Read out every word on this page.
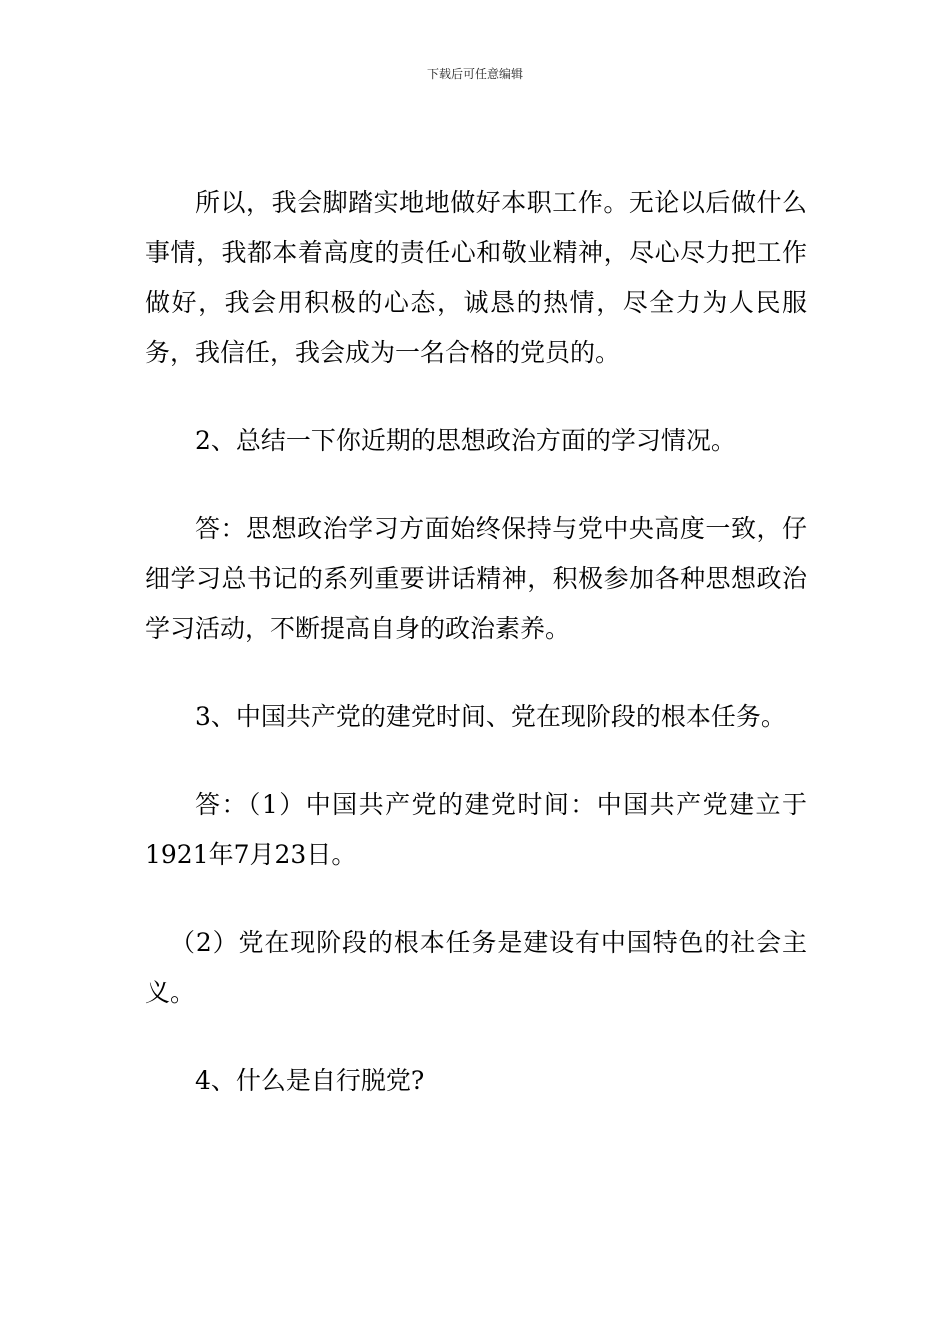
下载后可任意编辑

所以，我会脚踏实地地做好本职工作。无论以后做什么事情，我都本着高度的责任心和敬业精神，尽心尽力把工作做好，我会用积极的心态，诚恳的热情，尽全力为人民服务，我信任，我会成为一名合格的党员的。

2、总结一下你近期的思想政治方面的学习情况。

答：思想政治学习方面始终保持与党中央高度一致，仔细学习总书记的系列重要讲话精神，积极参加各种思想政治学习活动，不断提高自身的政治素养。

3、中国共产党的建党时间、党在现阶段的根本任务。

答：（1）中国共产党的建党时间：中国共产党建立于1921年7月23日。

（2）党在现阶段的根本任务是建设有中国特色的社会主义。

4、什么是自行脱党?
